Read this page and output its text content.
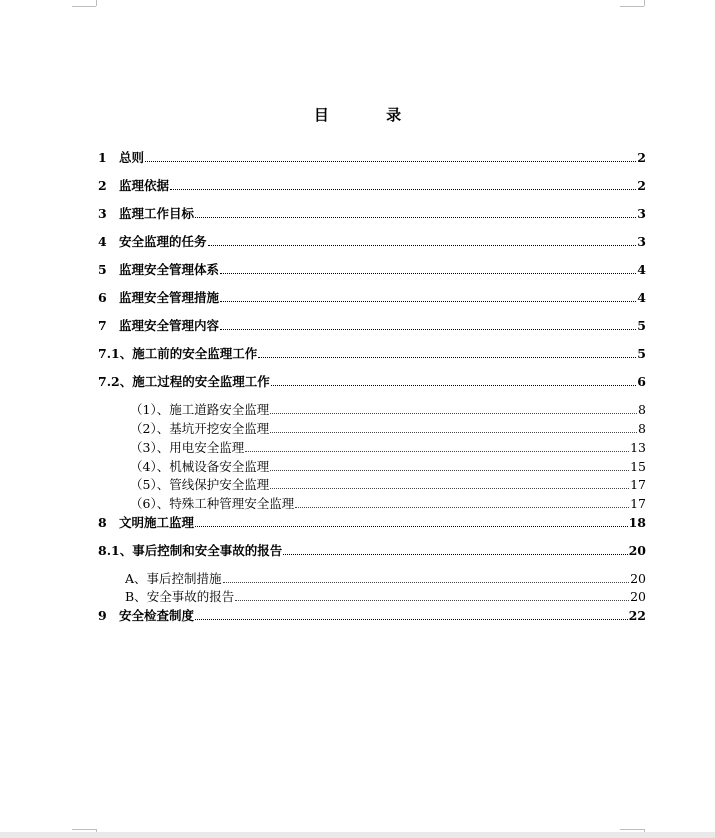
目 录
1 总则	2
2 监理依据	2
3 监理工作目标	3
4 安全监理的任务	3
5 监理安全管理体系	4
6 监理安全管理措施	4
7 监理安全管理内容	5
7.1、 施工前的安全监理工作	5
7.2、 施工过程的安全监理工作	6
（1）、 施工道路安全监理	8
（2）、 基坑开挖安全监理	8
（3）、 用电安全监理	13
（4）、 机械设备安全监理	15
（5）、 管线保护安全监理	17
（6）、 特殊工种管理安全监理	17
8 文明施工监理	18
8.1、 事后控制和安全事故的报告	20
A、 事后控制措施	20
B、 安全事故的报告	20
9 安全检查制度	22
